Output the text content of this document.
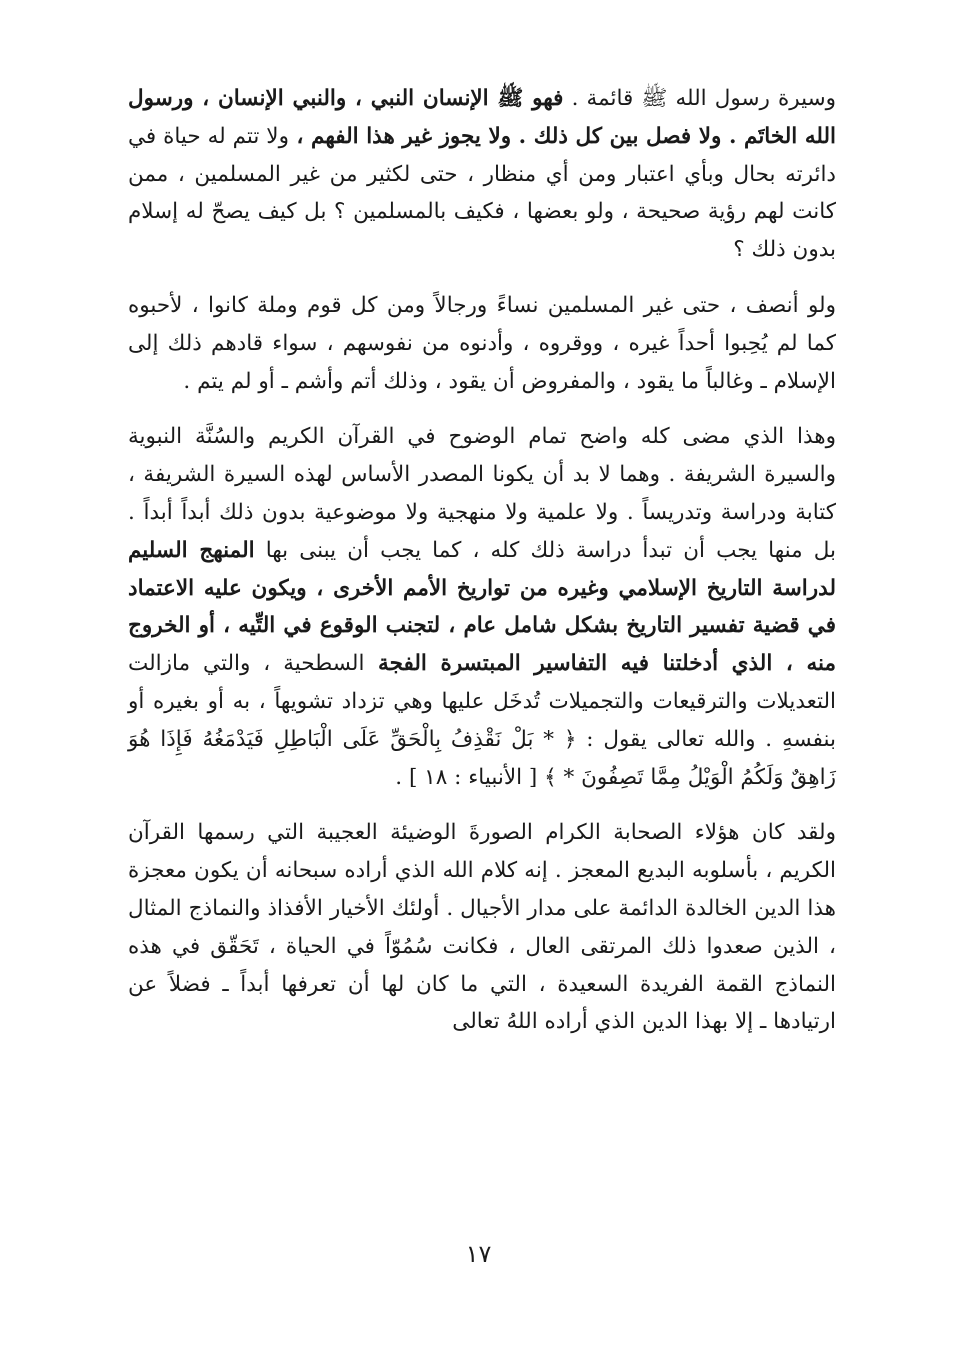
وسيرة رسول الله ﷺ قائمة . فهو ﷺ الإنسان النبي ، والنبي الإنسان ، ورسول الله الخاتَم . ولا فصل بين كل ذلك . ولا يجوز غير هذا الفهم ، ولا تتم له حياة في دائرته بحال وبأي اعتبار ومن أي منظار ، حتى لكثير من غير المسلمين ، ممن كانت لهم رؤية صحيحة ، ولو بعضها ، فكيف بالمسلمين ؟ بل كيف يصحّ له إسلام بدون ذلك ؟

ولو أنصف ، حتى غير المسلمين نساءً ورجالاً ومن كل قوم وملة كانوا ، لأحبوه كما لم يُحِبوا أحداً غيره ، ووقروه ، وأدنوه من نفوسهم ، سواء قادهم ذلك إلى الإسلام ـ وغالباً ما يقود ، والمفروض أن يقود ، وذلك أتم وأشم ـ أو لم يتم .

وهذا الذي مضى كله واضح تمام الوضوح في القرآن الكريم والسُنَّة النبوية والسيرة الشريفة . وهما لا بد أن يكونا المصدر الأساس لهذه السيرة الشريفة ، كتابة ودراسة وتدريساً . ولا علمية ولا منهجية ولا موضوعية بدون ذلك أبداً أبداً . بل منها يجب أن تبدأ دراسة ذلك كله ، كما يجب أن يبنى بها المنهج السليم لدراسة التاريخ الإسلامي وغيره من تواريخ الأمم الأخرى ، ويكون عليه الاعتماد في قضية تفسير التاريخ بشكل شامل عام ، لتجنب الوقوع في التِّيه ، أو الخروج منه ، الذي أدخلتنا فيه التفاسير المبتسرة الفجة السطحية ، والتي مازالت التعديلات والترقيعات والتجميلات تُدخَل عليها وهي تزداد تشويهاً ، به أو بغيره أو بنفسهِ . والله تعالى يقول : ﴿ * بَلْ نَقْذِفُ بِالْحَقِّ عَلَى الْبَاطِلِ فَيَدْمَغُهُ فَإِذَا هُوَ زَاهِقٌ وَلَكُمُ الْوَيْلُ مِمَّا تَصِفُونَ * ﴾ [ الأنبياء : ١٨ ] .

ولقد كان هؤلاء الصحابة الكرام الصورةَ الوضيئة العجيبة التي رسمها القرآن الكريم ، بأسلوبه البديع المعجز . إنه كلام الله الذي أراده سبحانه أن يكون معجزة هذا الدين الخالدة الدائمة على مدار الأجيال . أولئك الأخيار الأفذاذ والنماذج المثال ، الذين صعدوا ذلك المرتقى العال ، فكانت سُمُوّاً في الحياة ، تَحَقّق في هذه النماذج القمة الفريدة السعيدة ، التي ما كان لها أن تعرفها أبداً ـ فضلاً عن ارتيادها ـ إلا بهذا الدين الذي أراده اللهُ تعالى

١٧
